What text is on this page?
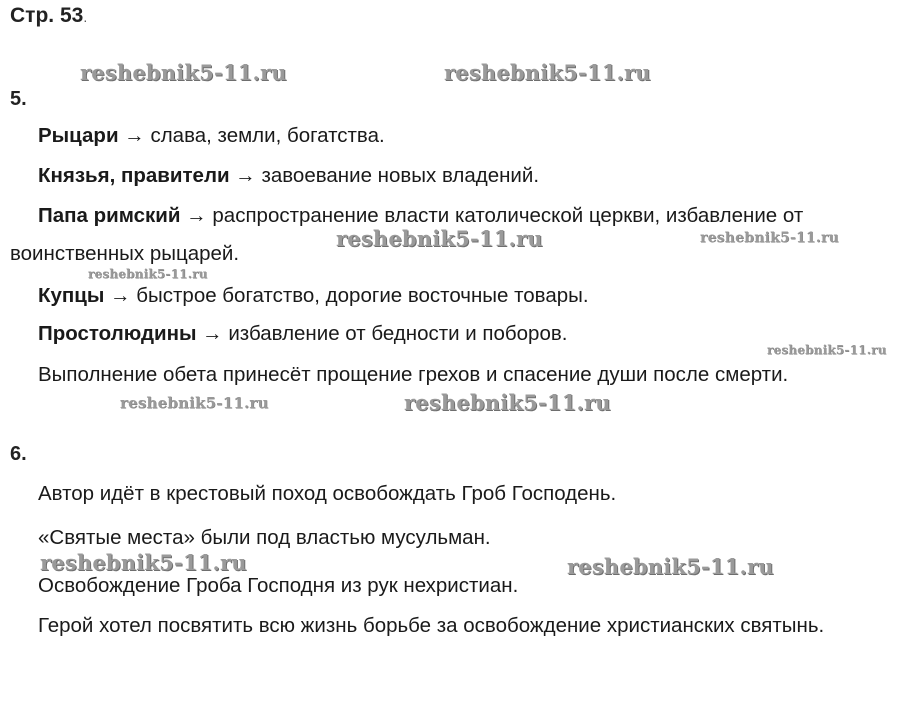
Стр. 53.
reshebnik5-11.ru	reshebnik5-11.ru
reshebnik5-11.ru	reshebnik5-11.ru
reshebnik5-11.ru
reshebnik5-11.ru
reshebnik5-11.ru	reshebnik5-11.ru
reshebnik5-11.ru	reshebnik5-11.ru
5.
Рыцари → слава, земли, богатства.
Князья, правители → завоевание новых владений.
Папа римский → распространение власти католической церкви, избавление от
воинственных рыцарей.
Купцы → быстрое богатство, дорогие восточные товары.
Простолюдины → избавление от бедности и поборов.
Выполнение обета принесёт прощение грехов и спасение души после смерти.
6.
Автор идёт в крестовый поход освобождать Гроб Господень.
«Святые места» были под властью мусульман.
Освобождение Гроба Господня из рук нехристиан.
Герой хотел посвятить всю жизнь борьбе за освобождение христианских святынь.
